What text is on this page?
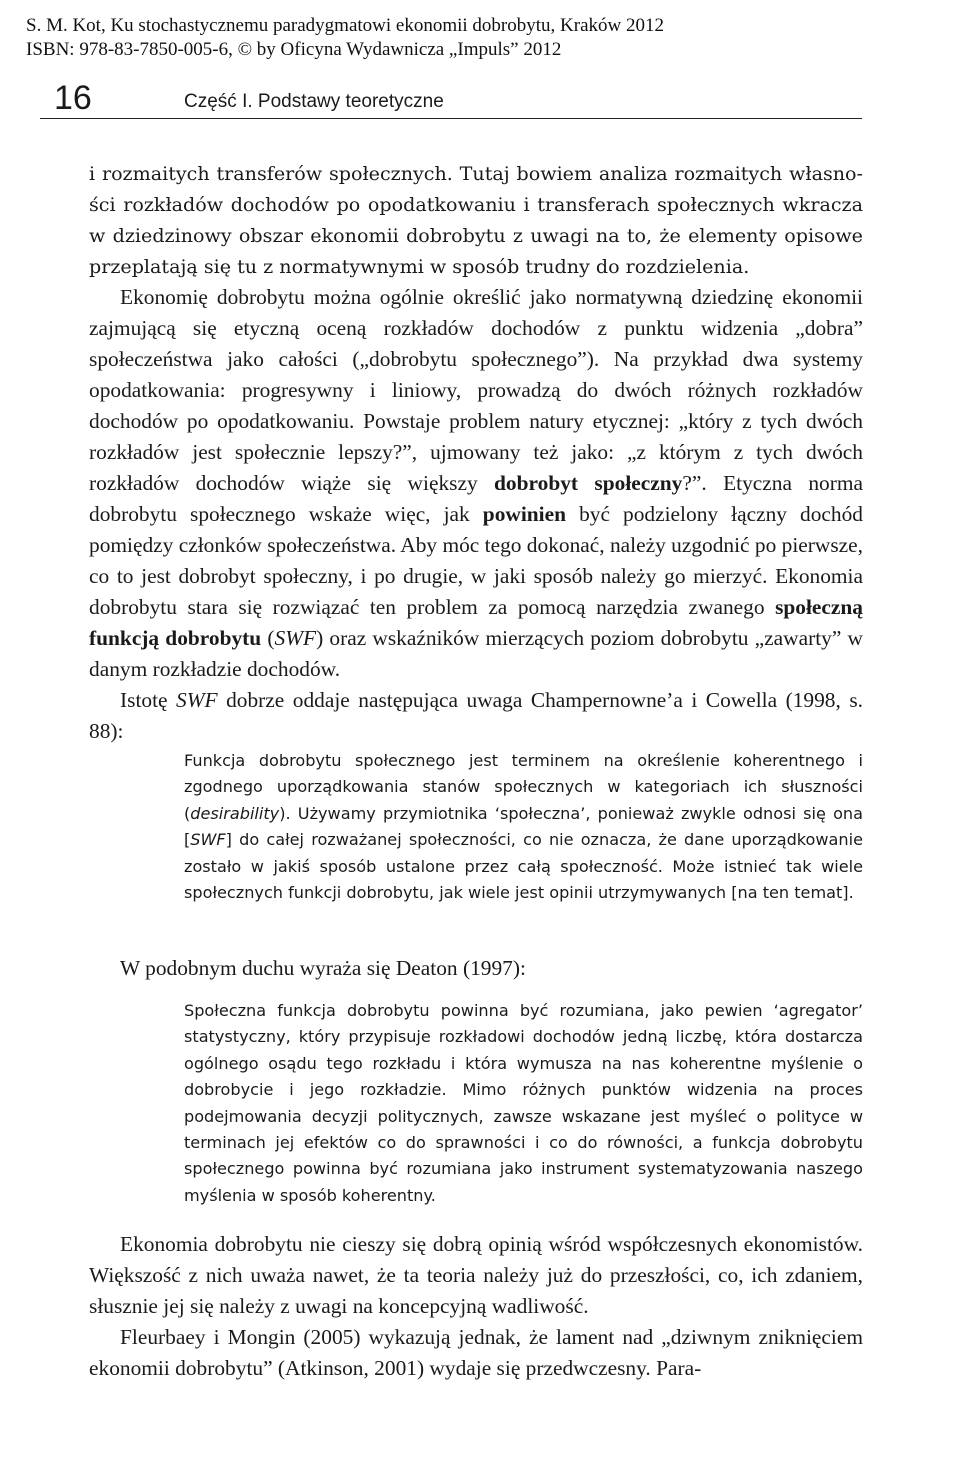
S. M. Kot, Ku stochastycznemu paradygmatowi ekonomii dobrobytu, Kraków 2012
ISBN: 978-83-7850-005-6, © by Oficyna Wydawnicza „Impuls” 2012
16	Część I. Podstawy teoretyczne

i rozmaitych transferów społecznych. Tutaj bowiem analiza rozmaitych własności rozkładów dochodów po opodatkowaniu i transferach społecznych wkracza w dziedzinowy obszar ekonomii dobrobytu z uwagi na to, że elementy opisowe przeplatają się tu z normatywnymi w sposób trudny do rozdzielenia.

Ekonomię dobrobytu można ogólnie określić jako normatywną dziedzinę ekonomii zajmującą się etyczną oceną rozkładów dochodów z punktu widzenia „dobra” społeczeństwa jako całości („dobrobytu społecznego”). Na przykład dwa systemy opodatkowania: progresywny i liniowy, prowadzą do dwóch różnych rozkładów dochodów po opodatkowaniu. Powstaje problem natury etycznej: „który z tych dwóch rozkładów jest społecznie lepszy?”, ujmowany też jako: „z którym z tych dwóch rozkładów dochodów wiąże się większy dobrobyt społeczny?”. Etyczna norma dobrobytu społecznego wskaże więc, jak powinien być podzielony łączny dochód pomiędzy członków społeczeństwa. Aby móc tego dokonać, należy uzgodnić po pierwsze, co to jest dobrobyt społeczny, i po drugie, w jaki sposób należy go mierzyć. Ekonomia dobrobytu stara się rozwiązać ten problem za pomocą narzędzia zwanego społeczną funkcją dobrobytu (SWF) oraz wskaźników mierzących poziom dobrobytu „zawarty” w danym rozkładzie dochodów.

Istotę SWF dobrze oddaje następująca uwaga Champernowne’a i Cowella (1998, s. 88):

Funkcja dobrobytu społecznego jest terminem na określenie koherentnego i zgodnego uporządkowania stanów społecznych w kategoriach ich słuszności (desirability). Używamy przymiotnika ‘społeczna’, ponieważ zwykle odnosi się ona [SWF] do całej rozważanej społeczności, co nie oznacza, że dane uporządkowanie zostało w jakiś sposób ustalone przez całą społeczność. Może istnieć tak wiele społecznych funkcji dobrobytu, jak wiele jest opinii utrzymywanych [na ten temat].

W podobnym duchu wyraża się Deaton (1997):

Społeczna funkcja dobrobytu powinna być rozumiana, jako pewien ‘agregator’ statystyczny, który przypisuje rozkładowi dochodów jedną liczbę, która dostarcza ogólnego osądu tego rozkładu i która wymusza na nas koherentne myślenie o dobrobycie i jego rozkładzie. Mimo różnych punktów widzenia na proces podejmowania decyzji politycznych, zawsze wskazane jest myśleć o polityce w terminach jej efektów co do sprawności i co do równości, a funkcja dobrobytu społecznego powinna być rozumiana jako instrument systematyzowania naszego myślenia w sposób koherentny.

Ekonomia dobrobytu nie cieszy się dobrą opinią wśród współczesnych ekonomistów. Większość z nich uważa nawet, że ta teoria należy już do przeszłości, co, ich zdaniem, słusznie jej się należy z uwagi na koncepcyjną wadliwość.

Fleurbaey i Mongin (2005) wykazują jednak, że lament nad „dziwnym zniknięciem ekonomii dobrobytu” (Atkinson, 2001) wydaje się przedwczesny. Para-
